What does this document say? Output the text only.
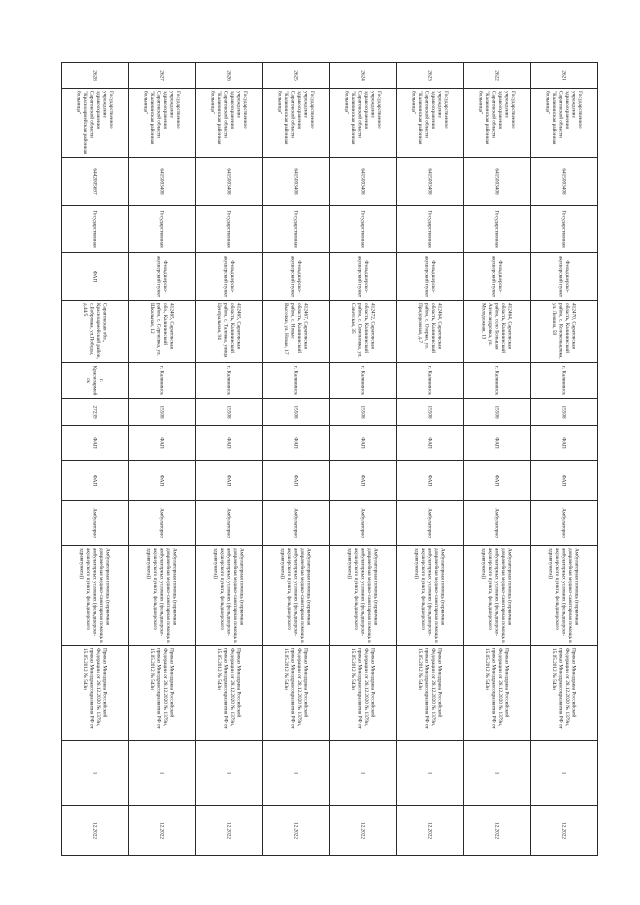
2621	Государственное учреждение здравоохранения Саратовской области "Калининская районная больница"	6415003408	Государственная	Фельдшерско-акушерский пункт	412470, Саратовская область, Калининский район, с. Колокольцовка, ул. Ленина, 59	г. Калининск	15508	ФАП	ФАП	Амбулаторно	Амбулаторная помощь (первичная доврачебная медико-санитарная помощь в амбулаторных условиях (фельдшерско-акушерского пункта, фельдшерского здравпункта))	Приказ Минздрава Российской Федерации от 28.12.2020 № 1379н, приказ Минздравсоцразвития РФ от 15.05.2012 № 543н	1	12.2022
2622	Государственное учреждение здравоохранения Саратовской области "Калининская районная больница"	6415003408	Государственная	Фельдшерско-акушерский пункт	412464, Саратовская область, Калининский район, село Большая Александровка, ул. Молодежная, 13	г. Калининск	15508	ФАП	ФАП	Амбулаторно	Амбулаторная помощь (первичная доврачебная медико-санитарная помощь в амбулаторных условиях (фельдшерско-акушерского пункта, фельдшерского здравпункта))	Приказ Минздрава Российской Федерации от 28.12.2020 № 1379н, приказ Минздравсоцразвития РФ от 15.05.2012 № 543н	1	12.2022
2623	Государственное учреждение здравоохранения Саратовской области "Калининская районная больница"	6415003408	Государственная	Фельдшерско-акушерский пункт	412464, Саратовская область, Калининский район, с. Озерки, ул. Придорожная, д.7	г. Калининск	15508	ФАП	ФАП	Амбулаторно	Амбулаторная помощь (первичная доврачебная медико-санитарная помощь в амбулаторных условиях (фельдшерско-акушерского пункта, фельдшерского здравпункта))	Приказ Минздрава Российской Федерации от 28.12.2020 № 1379н, приказ Минздравсоцразвития РФ от 15.05.2012 № 543н	1	12.2022
2624	Государственное учреждение здравоохранения Саратовской области "Калининская районная больница"	6415003408	Государственная	Фельдшерско-акушерский пункт	412472, Саратовская область, Калининский район, с. Симоновка, ул. Советская, 35	г. Калининск	15508	ФАП	ФАП	Амбулаторно	Амбулаторная помощь (первичная доврачебная медико-санитарная помощь в амбулаторных условиях (фельдшерско-акушерского пункта, фельдшерского здравпункта))	Приказ Минздрава Российской Федерации от 28.12.2020 № 1379н, приказ Минздравсоцразвития РФ от 15.05.2012 № 543н	1	12.2022
2625	Государственное учреждение здравоохранения Саратовской области "Калининская районная больница"	6415003408	Государственная	Фельдшерско-акушерский пункт	412467, Саратовская область, Калининский район, с. Новые Выселки, ул. Новая, 17	г. Калининск	15508	ФАП	ФАП	Амбулаторно	Амбулаторная помощь (первичная доврачебная медико-санитарная помощь в амбулаторных условиях (фельдшерско-акушерского пункта, фельдшерского здравпункта))	Приказ Минздрава Российской Федерации от 28.12.2020 № 1379н, приказ Минздравсоцразвития РФ от 15.05.2012 № 543н	1	12.2022
2626	Государственное учреждение здравоохранения Саратовской области "Калининская районная больница"	6415003408	Государственная	Фельдшерско-акушерский пункт	412465, Саратовская область, Калининский район, с. Таловка, улица Центральная, 94	г. Калининск	15508	ФАП	ФАП	Амбулаторно	Амбулаторная помощь (первичная доврачебная медико-санитарная помощь в амбулаторных условиях (фельдшерско-акушерского пункта, фельдшерского здравпункта))	Приказ Минздрава Российской Федерации от 28.12.2020 № 1379н, приказ Минздравсоцразвития РФ от 15.05.2012 № 543н	1	12.2022
2627	Государственное учреждение здравоохранения Саратовской области "Калининская районная больница"	6415003408	Государственная	Фельдшерско-акушерский пункт	412465, Саратовская обл., Калининский район, с. Сергиевка, ул. Школьная, 12	г. Калининск	15508	ФАП	ФАП	Амбулаторно	Амбулаторная помощь (первичная доврачебная медико-санитарная помощь в амбулаторных условиях (фельдшерско-акушерского пункта, фельдшерского здравпункта))	Приказ Минздрава Российской Федерации от 28.12.2020 № 1379н, приказ Минздравсоцразвития РФ от 15.05.2012 № 543н	1	12.2022
2628	Государственное учреждение здравоохранения Саратовской области "Красноармейская районная больница"	6442005697	Государственная	ФАП	Саратовская обл., Красноармейский район, с.Бобровка, ул.Победы, д.44/5	г. Красноармейск	27239	ФАП	ФАП	Амбулаторно	Амбулаторная помощь (первичная доврачебная медико-санитарная помощь в амбулаторных условиях (фельдшерско-акушерского пункта, фельдшерского здравпункта))	Приказ Минздрава Российской Федерации от 28.12.2020 № 1379н, приказ Минздравсоцразвития РФ от 15.05.2012 № 543н	1	12.2022
